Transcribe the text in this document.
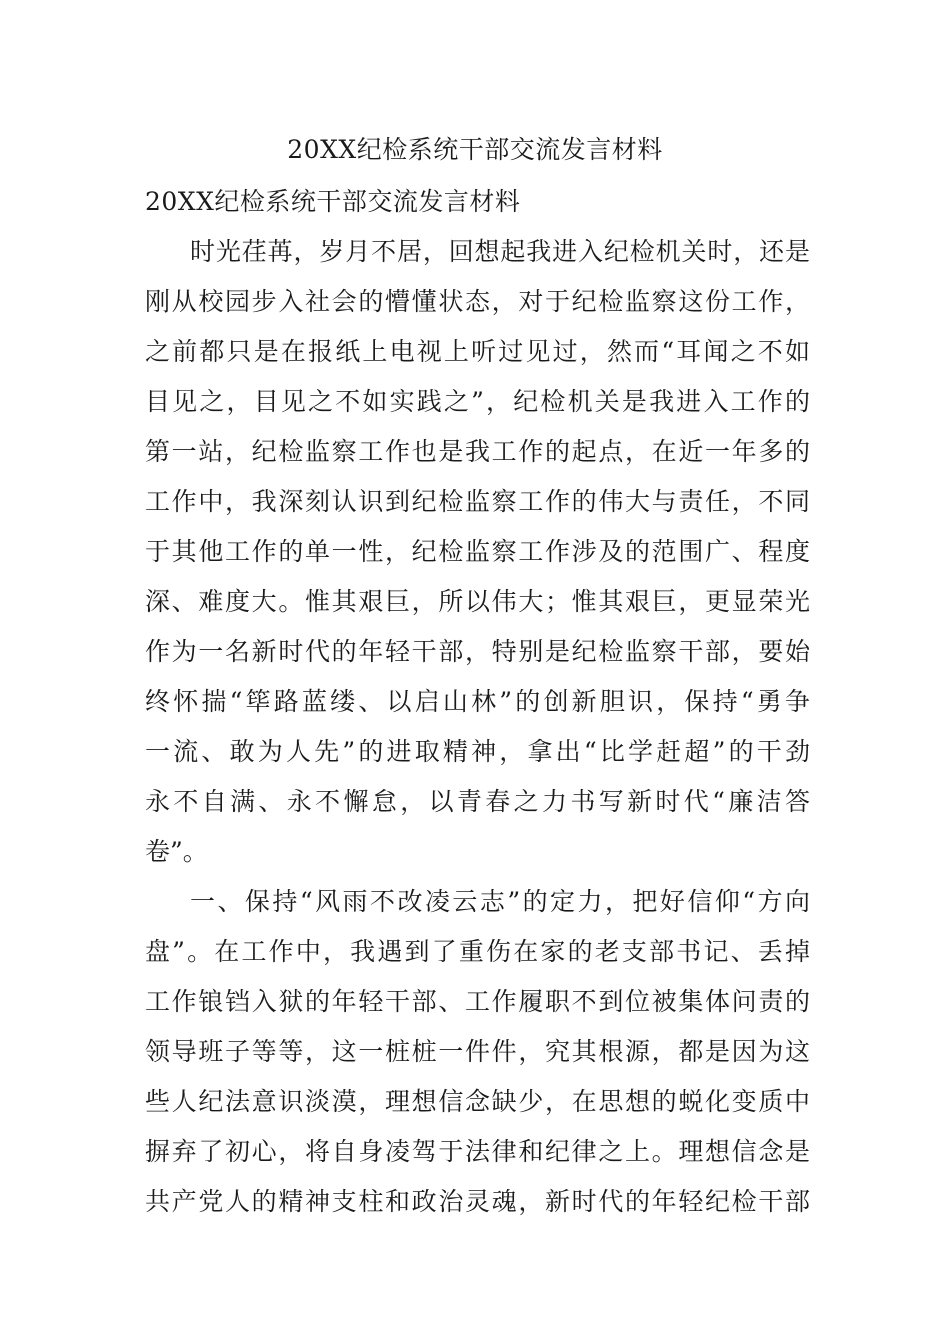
20XX纪检系统干部交流发言材料
20XX纪检系统干部交流发言材料

时光荏苒，岁月不居，回想起我进入纪检机关时，还是

刚从校园步入社会的懵懂状态，对于纪检监察这份工作，

之前都只是在报纸上电视上听过见过，然而“耳闻之不如

目见之，目见之不如实践之”，纪检机关是我进入工作的

第一站，纪检监察工作也是我工作的起点，在近一年多的

工作中，我深刻认识到纪检监察工作的伟大与责任，不同

于其他工作的单一性，纪检监察工作涉及的范围广、程度

深、难度大。惟其艰巨，所以伟大；惟其艰巨，更显荣光

作为一名新时代的年轻干部，特别是纪检监察干部，要始

终怀揣“筚路蓝缕、以启山林”的创新胆识，保持“勇争

一流、敢为人先”的进取精神，拿出“比学赶超”的干劲

永不自满、永不懈怠，以青春之力书写新时代“廉洁答

卷”。

一、保持“风雨不改凌云志”的定力，把好信仰“方向

盘”。在工作中，我遇到了重伤在家的老支部书记、丢掉

工作锒铛入狱的年轻干部、工作履职不到位被集体问责的

领导班子等等，这一桩桩一件件，究其根源，都是因为这

些人纪法意识淡漠，理想信念缺少，在思想的蜕化变质中

摒弃了初心，将自身凌驾于法律和纪律之上。理想信念是

共产党人的精神支柱和政治灵魂，新时代的年轻纪检干部
